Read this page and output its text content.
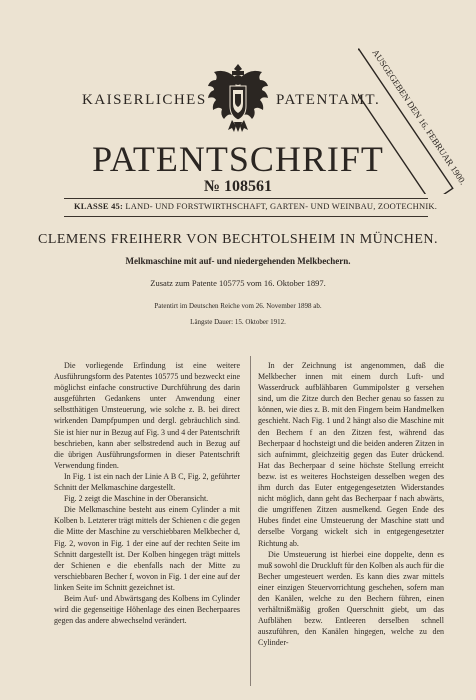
AUSGEGEBEN DEN 16. FEBRUAR 1900.
KAISERLICHES	PATENTAMT.
PATENTSCHRIFT
№ 108561
KLASSE 45: LAND- UND FORSTWIRTHSCHAFT, GARTEN- UND WEINBAU, ZOOTECHNIK.
CLEMENS FREIHERR VON BECHTOLSHEIM IN MÜNCHEN.
Melkmaschine mit auf- und niedergehenden Melkbechern.
Zusatz zum Patente 105775 vom 16. Oktober 1897.
Patentirt im Deutschen Reiche vom 26. November 1898 ab.
Längste Dauer: 15. Oktober 1912.

Die vorliegende Erfindung ist eine weitere Ausführungsform des Patentes 105775 und bezweckt eine möglichst einfache constructive Durchführung des darin ausgeführten Gedankens unter Anwendung einer selbstthätigen Umsteuerung, wie solche z. B. bei direct wirkenden Dampfpumpen und dergl. gebräuchlich sind. Sie ist hier nur in Bezug auf Fig. 3 und 4 der Patentschrift beschrieben, kann aber selbstredend auch in Bezug auf die übrigen Ausführungsformen in dieser Patentschrift Verwendung finden.

In Fig. 1 ist ein nach der Linie A B C, Fig. 2, geführter Schnitt der Melkmaschine dargestellt.

Fig. 2 zeigt die Maschine in der Oberansicht.

Die Melkmaschine besteht aus einem Cylinder a mit Kolben b. Letzterer trägt mittels der Schienen c die gegen die Mitte der Maschine zu verschiebbaren Melkbecher d, Fig. 2, wovon in Fig. 1 der eine auf der rechten Seite im Schnitt dargestellt ist. Der Kolben hingegen trägt mittels der Schienen e die ebenfalls nach der Mitte zu verschiebbaren Becher f, wovon in Fig. 1 der eine auf der linken Seite im Schnitt gezeichnet ist.

Beim Auf- und Abwärtsgang des Kolbens im Cylinder wird die gegenseitige Höhenlage des einen Becherpaares gegen das andere abwechselnd verändert.

In der Zeichnung ist angenommen, daß die Melkbecher innen mit einem durch Luft- und Wasserdruck aufblähbaren Gummipolster g versehen sind, um die Zitze durch den Becher genau so fassen zu können, wie dies z. B. mit den Fingern beim Handmelken geschieht. Nach Fig. 1 und 2 hängt also die Maschine mit den Bechern f an den Zitzen fest, während das Becherpaar d hochsteigt und die beiden anderen Zitzen in sich aufnimmt, gleichzeitig gegen das Euter drückend. Hat das Becherpaar d seine höchste Stellung erreicht bezw. ist es weiteres Hochsteigen desselben wegen des ihm durch das Euter entgegengesetzten Widerstandes nicht möglich, dann geht das Becherpaar f nach abwärts, die umgriffenen Zitzen ausmelkend. Gegen Ende des Hubes findet eine Umsteuerung der Maschine statt und derselbe Vorgang wickelt sich in entgegengesetzter Richtung ab.

Die Umsteuerung ist hierbei eine doppelte, denn es muß sowohl die Druckluft für den Kolben als auch für die Becher umgesteuert werden. Es kann dies zwar mittels einer einzigen Steuervorrichtung geschehen, sofern man den Kanälen, welche zu den Bechern führen, einen verhältnißmäßig großen Querschnitt giebt, um das Aufblähen bezw. Entleeren derselben schnell auszuführen, den Kanälen hingegen, welche zu den Cylinder-
